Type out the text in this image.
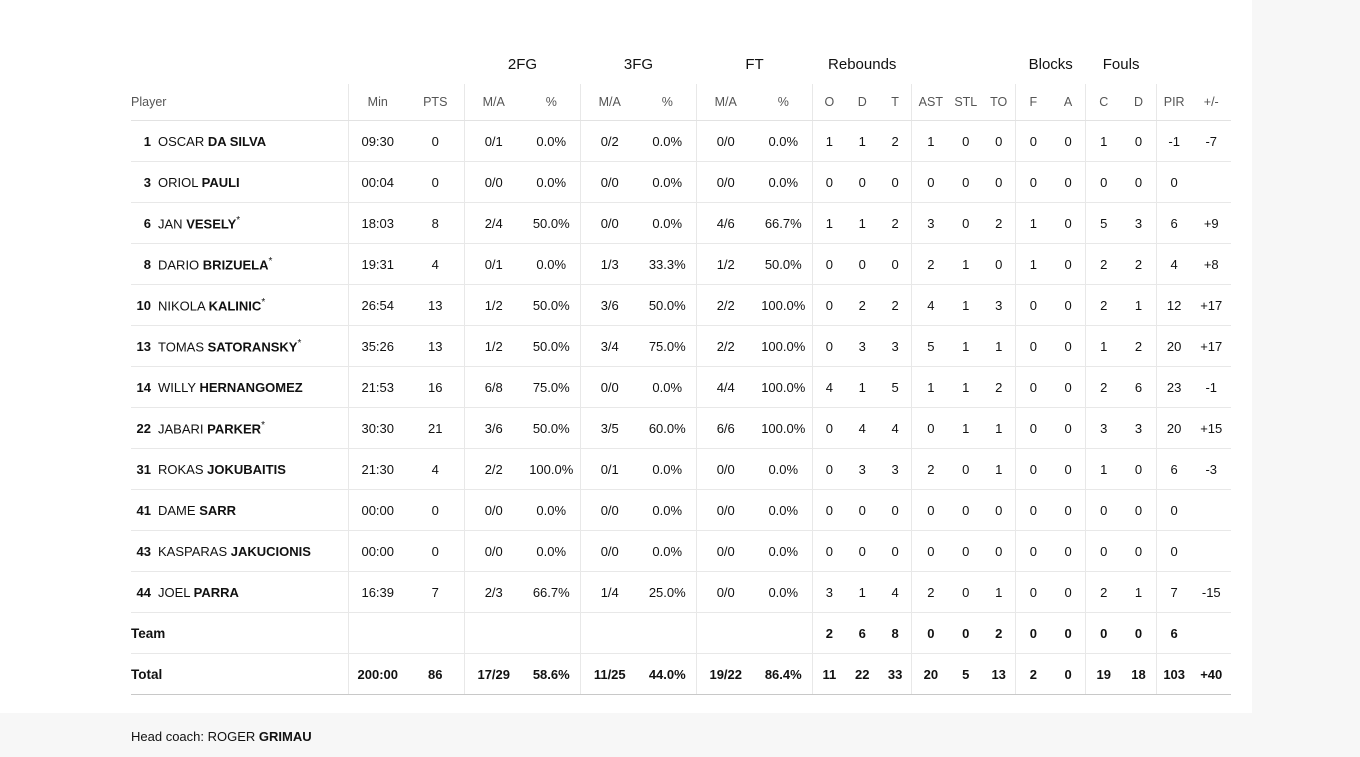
			2FG		3FG		FT		Rebounds						Blocks		Fouls			
Player	Min	PTS	M/A	%	M/A	%	M/A	%	O	D	T	AST	STL	TO	F	A	C	D	PIR	+/-
1 OSCAR DA SILVA	09:30	0	0/1	0.0%	0/2	0.0%	0/0	0.0%	1	1	2	1	0	0	0	0	1	0	-1	-7
3 ORIOL PAULI	00:04	0	0/0	0.0%	0/0	0.0%	0/0	0.0%	0	0	0	0	0	0	0	0	0	0	0	
6 JAN VESELY*	18:03	8	2/4	50.0%	0/0	0.0%	4/6	66.7%	1	1	2	3	0	2	1	0	5	3	6	+9
8 DARIO BRIZUELA*	19:31	4	0/1	0.0%	1/3	33.3%	1/2	50.0%	0	0	0	2	1	0	1	0	2	2	4	+8
10 NIKOLA KALINIC*	26:54	13	1/2	50.0%	3/6	50.0%	2/2	100.0%	0	2	2	4	1	3	0	0	2	1	12	+17
13 TOMAS SATORANSKY*	35:26	13	1/2	50.0%	3/4	75.0%	2/2	100.0%	0	3	3	5	1	1	0	0	1	2	20	+17
14 WILLY HERNANGOMEZ	21:53	16	6/8	75.0%	0/0	0.0%	4/4	100.0%	4	1	5	1	1	2	0	0	2	6	23	-1
22 JABARI PARKER*	30:30	21	3/6	50.0%	3/5	60.0%	6/6	100.0%	0	4	4	0	1	1	0	0	3	3	20	+15
31 ROKAS JOKUBAITIS	21:30	4	2/2	100.0%	0/1	0.0%	0/0	0.0%	0	3	3	2	0	1	0	0	1	0	6	-3
41 DAME SARR	00:00	0	0/0	0.0%	0/0	0.0%	0/0	0.0%	0	0	0	0	0	0	0	0	0	0	0	
43 KASPARAS JAKUCIONIS	00:00	0	0/0	0.0%	0/0	0.0%	0/0	0.0%	0	0	0	0	0	0	0	0	0	0	0	
44 JOEL PARRA	16:39	7	2/3	66.7%	1/4	25.0%	0/0	0.0%	3	1	4	2	0	1	0	0	2	1	7	-15
Team									2	6	8	0	0	2	0	0	0	0	6	
Total	200:00	86	17/29	58.6%	11/25	44.0%	19/22	86.4%	11	22	33	20	5	13	2	0	19	18	103	+40
Head coach: ROGER GRIMAU
